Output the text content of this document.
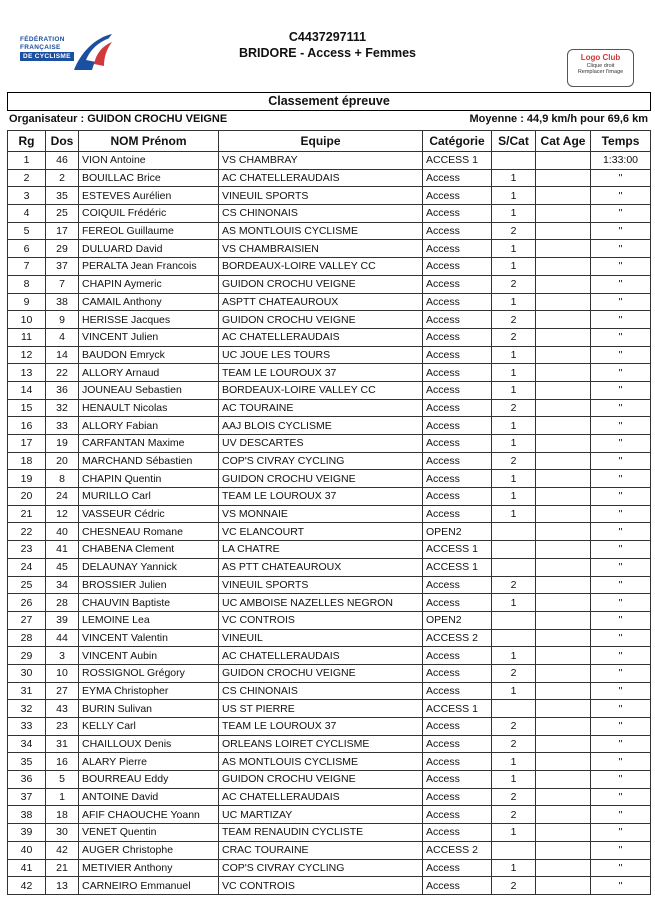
FÉDÉRATION
FRANÇAISE
DE CYCLISME
C4437297111
BRIDORE - Access + Femmes	Logo Club
Clique droit
Remplacer l'image
Classement épreuve
Organisateur : GUIDON CROCHU VEIGNE	Moyenne : 44,9 km/h pour 69,6 km
Rg	Dos	NOM Prénom	Equipe	Catégorie	S/Cat	Cat Age	Temps
1	46	VION Antoine	VS CHAMBRAY	ACCESS 1			1:33:00
2	2	BOUILLAC Brice	AC CHATELLERAUDAIS	Access	1		"
3	35	ESTEVES Aurélien	VINEUIL SPORTS	Access	1		"
4	25	COIQUIL Frédéric	CS CHINONAIS	Access	1		"
5	17	FEREOL Guillaume	AS MONTLOUIS CYCLISME	Access	2		"
6	29	DULUARD David	VS CHAMBRAISIEN	Access	1		"
7	37	PERALTA Jean Francois	BORDEAUX-LOIRE VALLEY CC	Access	1		"
8	7	CHAPIN Aymeric	GUIDON CROCHU VEIGNE	Access	2		"
9	38	CAMAIL Anthony	ASPTT CHATEAUROUX	Access	1		"
10	9	HERISSE Jacques	GUIDON CROCHU VEIGNE	Access	2		"
11	4	VINCENT Julien	AC CHATELLERAUDAIS	Access	2		"
12	14	BAUDON Emryck	UC JOUE LES TOURS	Access	1		"
13	22	ALLORY Arnaud	TEAM LE LOUROUX 37	Access	1		"
14	36	JOUNEAU Sebastien	BORDEAUX-LOIRE VALLEY CC	Access	1		"
15	32	HENAULT Nicolas	AC TOURAINE	Access	2		"
16	33	ALLORY Fabian	AAJ BLOIS CYCLISME	Access	1		"
17	19	CARFANTAN Maxime	UV DESCARTES	Access	1		"
18	20	MARCHAND Sébastien	COP'S CIVRAY CYCLING	Access	2		"
19	8	CHAPIN Quentin	GUIDON CROCHU VEIGNE	Access	1		"
20	24	MURILLO Carl	TEAM LE LOUROUX 37	Access	1		"
21	12	VASSEUR Cédric	VS MONNAIE	Access	1		"
22	40	CHESNEAU Romane	VC ELANCOURT	OPEN2			"
23	41	CHABENA Clement	LA CHATRE	ACCESS 1			"
24	45	DELAUNAY Yannick	AS PTT CHATEAUROUX	ACCESS 1			"
25	34	BROSSIER Julien	VINEUIL SPORTS	Access	2		"
26	28	CHAUVIN Baptiste	UC AMBOISE NAZELLES NEGRON	Access	1		"
27	39	LEMOINE Lea	VC CONTROIS	OPEN2			"
28	44	VINCENT Valentin	VINEUIL	ACCESS 2			"
29	3	VINCENT Aubin	AC CHATELLERAUDAIS	Access	1		"
30	10	ROSSIGNOL Grégory	GUIDON CROCHU VEIGNE	Access	2		"
31	27	EYMA Christopher	CS CHINONAIS	Access	1		"
32	43	BURIN Sulivan	US ST PIERRE	ACCESS 1			"
33	23	KELLY Carl	TEAM LE LOUROUX 37	Access	2		"
34	31	CHAILLOUX Denis	ORLEANS LOIRET CYCLISME	Access	2		"
35	16	ALARY Pierre	AS MONTLOUIS CYCLISME	Access	1		"
36	5	BOURREAU Eddy	GUIDON CROCHU VEIGNE	Access	1		"
37	1	ANTOINE David	AC CHATELLERAUDAIS	Access	2		"
38	18	AFIF CHAOUCHE Yoann	UC MARTIZAY	Access	2		"
39	30	VENET Quentin	TEAM RENAUDIN CYCLISTE	Access	1		"
40	42	AUGER Christophe	CRAC TOURAINE	ACCESS 2			"
41	21	METIVIER Anthony	COP'S CIVRAY CYCLING	Access	1		"
42	13	CARNEIRO Emmanuel	VC CONTROIS	Access	2		"
